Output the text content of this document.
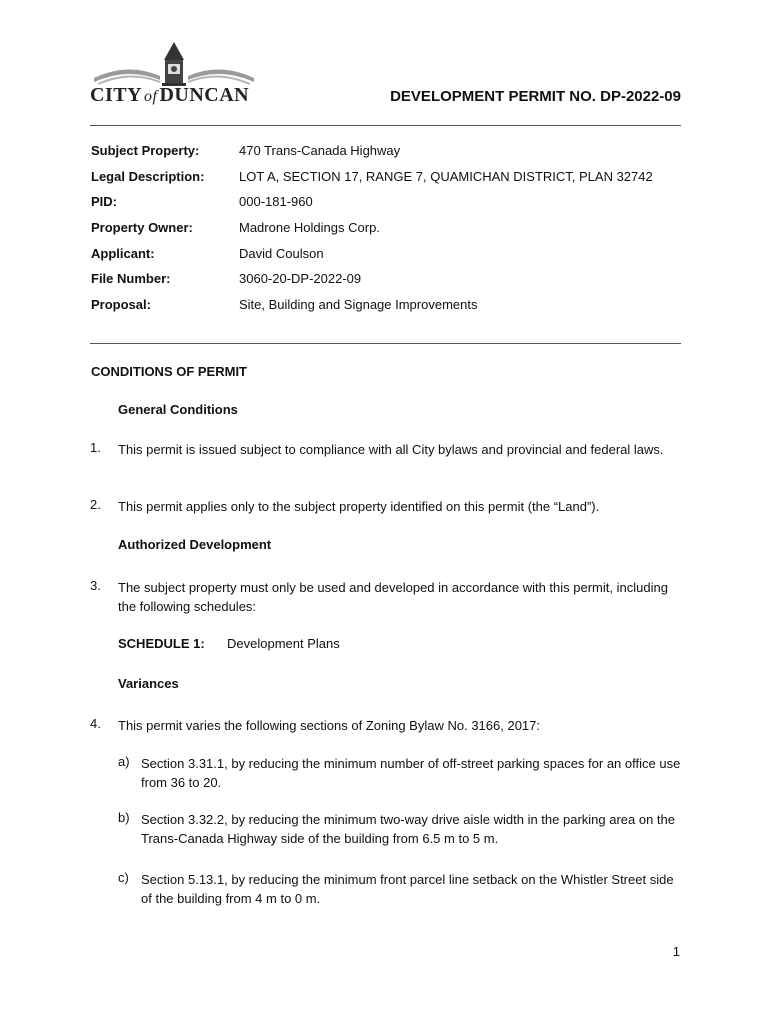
CITY of DUNCAN	DEVELOPMENT PERMIT NO. DP-2022-09
Subject Property:	470 Trans-Canada Highway
Legal Description:	LOT A, SECTION 17, RANGE 7, QUAMICHAN DISTRICT, PLAN 32742
PID:	000-181-960
Property Owner:	Madrone Holdings Corp.
Applicant:	David Coulson
File Number:	3060-20-DP-2022-09
Proposal:	Site, Building and Signage Improvements
CONDITIONS OF PERMIT
General Conditions
1. This permit is issued subject to compliance with all City bylaws and provincial and federal laws.
2. This permit applies only to the subject property identified on this permit (the “Land”).
Authorized Development
3. The subject property must only be used and developed in accordance with this permit, including the following schedules:
SCHEDULE 1: Development Plans
Variances
4. This permit varies the following sections of Zoning Bylaw No. 3166, 2017:
a) Section 3.31.1, by reducing the minimum number of off-street parking spaces for an office use from 36 to 20.
b) Section 3.32.2, by reducing the minimum two-way drive aisle width in the parking area on the Trans-Canada Highway side of the building from 6.5 m to 5 m.
c) Section 5.13.1, by reducing the minimum front parcel line setback on the Whistler Street side of the building from 4 m to 0 m.
1
